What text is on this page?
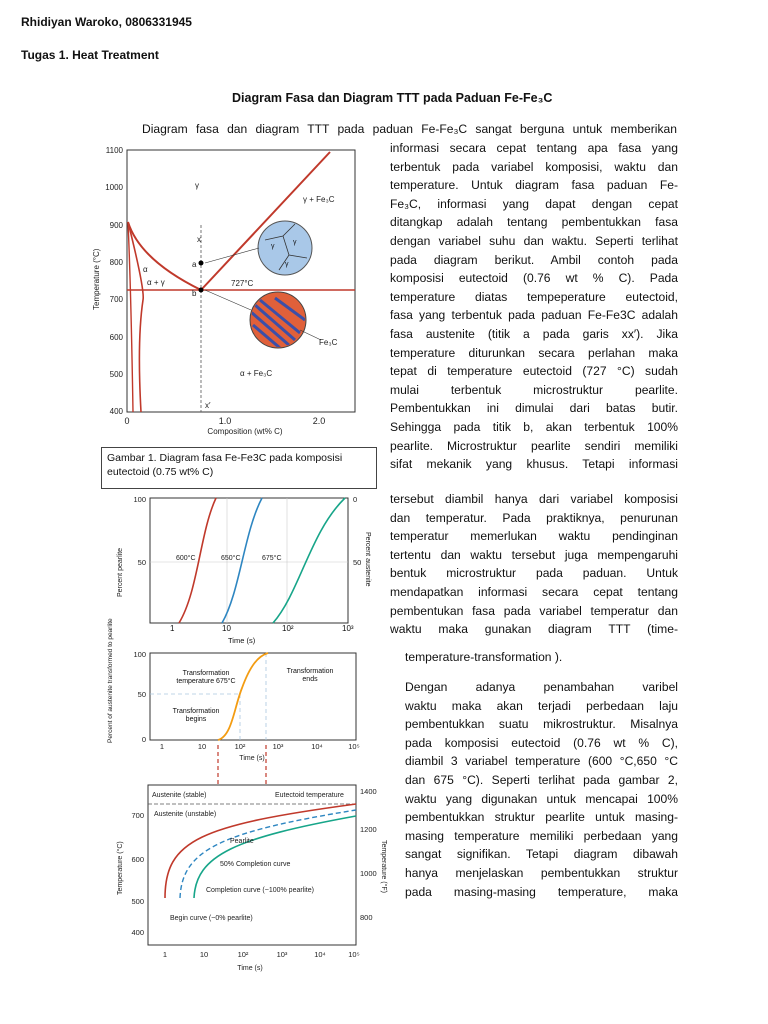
Rhidiyan Waroko, 0806331945
Tugas 1. Heat Treatment
Diagram Fasa dan Diagram TTT pada Paduan Fe-Fe₃C

Diagram fasa dan diagram TTT pada paduan Fe-Fe₃C sangat berguna untuk memberikan

informasi secara cepat tentang apa fasa yang

terbentuk pada variabel komposisi, waktu dan

temperature. Untuk diagram fasa paduan Fe-

Fe₃C, informasi yang dapat dengan cepat

ditangkap adalah tentang pembentukkan fasa

dengan variabel suhu dan waktu. Seperti terlihat

pada diagram berikut. Ambil contoh pada

komposisi eutectoid (0.76 wt % C). Pada

temperature diatas tempeperature eutectoid,

fasa yang terbentuk pada paduan Fe-Fe3C adalah

fasa austenite (titik a pada garis xx′). Jika

temperature diturunkan secara perlahan maka

tepat di temperature eutectoid (727 °C) sudah

mulai terbentuk microstruktur pearlite.

Pembentukkan ini dimulai dari batas butir.

Sehingga pada titik b, akan terbentuk 100%

pearlite. Microstruktur pearlite sendiri memiliki

sifat mekanik yang khusus. Tetapi informasi

tersebut diambil hanya dari variabel komposisi

dan temperatur. Pada praktiknya, penurunan

temperatur memerlukan waktu pendinginan

tertentu dan waktu tersebut juga mempengaruhi

bentuk microstruktur pada paduan. Untuk

mendapatkan informasi secara cepat tentang

pembentukan fasa pada variabel temperatur dan

waktu maka gunakan diagram TTT (time-

temperature-transformation ).

Dengan adanya penambahan varibel

waktu maka akan terjadi perbedaan laju

pembentukkan suatu mikrostruktur. Misalnya

pada komposisi eutectoid (0.76 wt % C),

diambil 3 variabel temperature (600 °C,650 °C

dan 675 °C). Seperti terlihat pada gambar 2,

waktu yang digunakan untuk mencapai 100%

pembentukkan struktur pearlite untuk masing-

masing temperature memiliki perbedaan yang

sangat signifikan. Tetapi diagram dibawah

hanya menjelaskan pembentukkan struktur

pada masing-masing temperature, maka

1100
1000
900
800
700
600
500
400
Temperature (°C)
0	1.0	2.0
Composition (wt% C)
γ
γ + Fe₃C
α + γ
α + Fe₃C
727°C
Fe₃C
x
a
b
x′
α
γ
γ
γ
Gambar 1. Diagram fasa Fe-Fe3C pada komposisi eutectoid (0.75 wt% C)
100
50
0
50
Percent pearlite	Percent austenite
600°C	650°C	675°C
1	10	10²	10³
Time (s)
100
50
0
Percent of austenite transformed to pearlite
1	10	10²	10³	10⁴	10⁵
Time (s)
Transformation temperature 675°C
Transformation begins
Transformation ends
700
600
500
400
1400
1200
1000
800
Temperature (°C)	Temperature (°F)
1	10	10²	10³	10⁴	10⁵
Time (s)
Austenite (stable)	Eutectoid temperature
Austenite (unstable)
Pearlite
50% Completion curve
Completion curve (~100% pearlite)
Begin curve (~0% pearlite)
